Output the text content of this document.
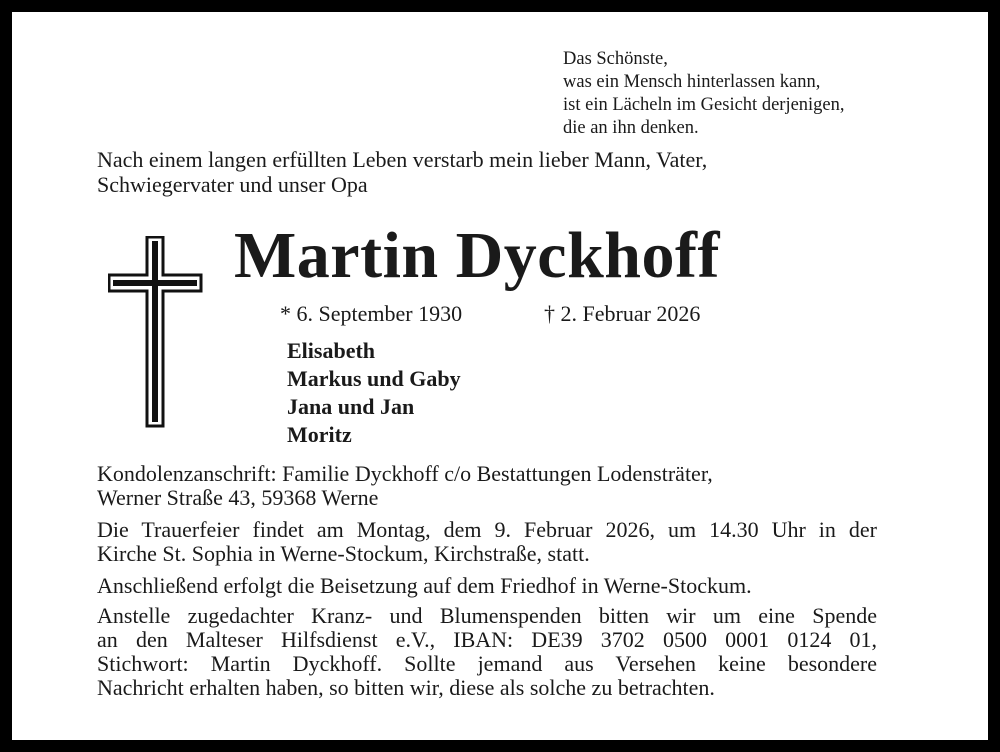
Das Schönste,
was ein Mensch hinterlassen kann,
ist ein Lächeln im Gesicht derjenigen,
die an ihn denken.
Nach einem langen erfüllten Leben verstarb mein lieber Mann, Vater,
Schwiegervater und unser Opa
Martin Dyckhoff
* 6. September 1930	† 2. Februar 2026
Elisabeth
Markus und Gaby
Jana und Jan
Moritz
Kondolenzanschrift: Familie Dyckhoff c/o Bestattungen Lodensträter,
Werner Straße 43, 59368 Werne
Die Trauerfeier findet am Montag, dem 9. Februar 2026, um 14.30 Uhr in der
Kirche St. Sophia in Werne-Stockum, Kirchstraße, statt.
Anschließend erfolgt die Beisetzung auf dem Friedhof in Werne-Stockum.
Anstelle zugedachter Kranz- und Blumenspenden bitten wir um eine Spende
an den Malteser Hilfsdienst e.V., IBAN: DE39 3702 0500 0001 0124 01,
Stichwort: Martin Dyckhoff. Sollte jemand aus Versehen keine besondere
Nachricht erhalten haben, so bitten wir, diese als solche zu betrachten.
